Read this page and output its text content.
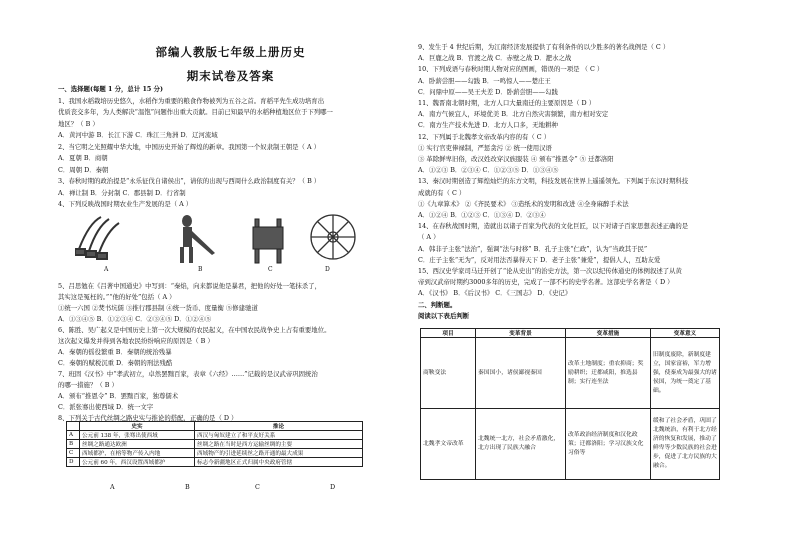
部编人教版七年级上册历史
期末试卷及答案
一、选择题(每题 1 分，总计 15 分)
1、我国水稻栽培历史悠久，水稻作为重要的粮食作物被列为五谷之首。育稻平先生成功培育出
优质丧交多年，为人类解决“温饱”问题作出重大贡献。目前已知最早的水稻种植地区位于下列哪一
地区？（ B ）
A．黄河中游 B．长江下游 C．珠江三角洲 D．辽河流域
2、当它明之光照耀中华大地，中国历史开始了辉煌的新章。我国第一个奴隶制王朝是（ A ）
A．夏朝 B．商朝
C．周朝 D．秦朝
3、春秋时期的政治提是“永乐征伐自诸侯出”，请依的出现与西周什么政治制度有关？（ B ）
A．禅让制 B．分封制 C．郡县制 D．行省制
4、下列反映战国时期农业生产发展的是（ A ）
A	B	C	D
5、吕思勉在《吕著中国通史》中写到：“秦焰，向来都说他是暴君，把他的好处一笔抹杀了，
其实这是冤枉的。”“他的好处”包括（ A ）
①统一六国 ②焚书坑儒 ③推行郡县制 ④统一货币、度量衡 ⑤修建驰道
A．①③④⑤ B．①②③④ C．②③④⑤ D．①②④⑤
6、陈胜、吴广起义是中国历史上第一次大规模的农民起义，在中国农民战争史上占有重要地位。
这次起义爆发并得到各地农民纷纷响应的原因是（ B ）
A．秦朝的徭役繁重 B．秦朝的统治残暴
C．秦朝的赋税沉重 D．秦朝的刑法残酷
7、班固《汉书》中“孝武初立，卓然罢黜百家，表章《六经》……”记载的是汉武帝巩固统治
的哪一措施？（ B ）
A．颁布“推恩令” B．罢黜百家，独尊儒术
C．派张骞出使西域 D．统一文字
8、下列关于古代丝绸之路史实与推论的搭配，正确的是（ D ）
	史实	推论
A	公元前 138 年，张骞出使西域	西汉与匈奴建立了和平友好关系
B	丝绸之路通达欧洲	丝绸之路在当时是西方运输丝绸的主要
C	西域都护，在榕等物产传入内地	西域物产的引进延续丝之路开通的最大成果
D	公元前 60 年，西汉设置西域都护	标志今新疆地区正式归属中央政府管辖
A	B	C	D
9、发生于 4 世纪后期，为江南经济发展提供了有利条件的以少胜多的著名战例是（ C ）
A．巨鹿之战 B．官渡之战 C．赤壁之战 D．淝水之战
10、下列成语与春秋时期人物对应的图画，错误的一项是 （ C ）
A．卧薪尝胆——勾践 B．一鸣惊人——楚庄王
C．问鼎中原——吴王夫差 D．卧薪尝胆——勾践
11、魏晋南北朝时期，北方人口大量南迁的主要原因是（ D ）
A．南方气候宜人，环境优美 B．北方自然灾害频繁，南方相对安定
C．南方生产技术先进 D．北方人口多，无地耕种
12、下列属于北魏孝文帝改革内容的有（ C ）
① 实行官吏俸禄制，严惩贪污 ② 统一使用汉语
③ 革除鲜卑旧俗，改汉姓改穿汉族服装 ④ 颁布“推恩令” ⑤ 迁都洛阳
A．①②③ B．②③④ C．①②③⑤ D．①③④⑤
13、秦汉时期创造了辉煌灿烂的东方文明，科技发展在世界上遥遥领先。下列属于东汉时期科技
成就的有（ C ）
①《九章算术》 ②《齐民要术》 ③造纸术的发明和改进 ④全身麻醉手术法
A．①②④ B．①②③ C．①③④ D．②③④
14、在春秋战国时期，造就出以诸子百家为代表的文化巨匠，以下对诸子百家思想表述正确的是
（ A ）
A．韩非子主张“法治”，强调“法与时移” B．孔子主张“仁政”，认为“当政其于民”
C．庄子主张“无为”，反对用法否暴得天下 D．老子主张“兼爱”，提倡人人，互助友爱
15、西汉史学家司马迁开创了“论从史出”的治史方法，第一次以纪传体通史的体例叙述了从黄
帝到汉武帝时期约3000多年的历史，完成了一部不朽的史学名著。这部史学名著是（ D ）
A．《汉书》 B．《后汉书》 C．《三国志》 D．《史记》
二、判断题。
阅读以下表后判断
项目	变革背景	变革措施	变革意义
商鞅变法	秦国国小，诸侯鄙视秦国	改革土地制度；重农抑商；奖励耕织；迁都咸阳，推选县制；实行连坐法	旧制度废除，新制度建立，国家富裕，军力增强，使秦成为最强大的诸侯国，为统一奠定了基础。
北魏孝文帝改革	北魏统一北方，社会矛盾激化，北方出现了民族大融合	改革政治经济制度和汉化政策；迁都洛阳；学习汉族文化习俗等	缓和了社会矛盾，巩固了北魏统治，有利于北方经济的恢复和发展，推动了鲜卑等少数民族的社会进步，促进了北方民族的大融合。
